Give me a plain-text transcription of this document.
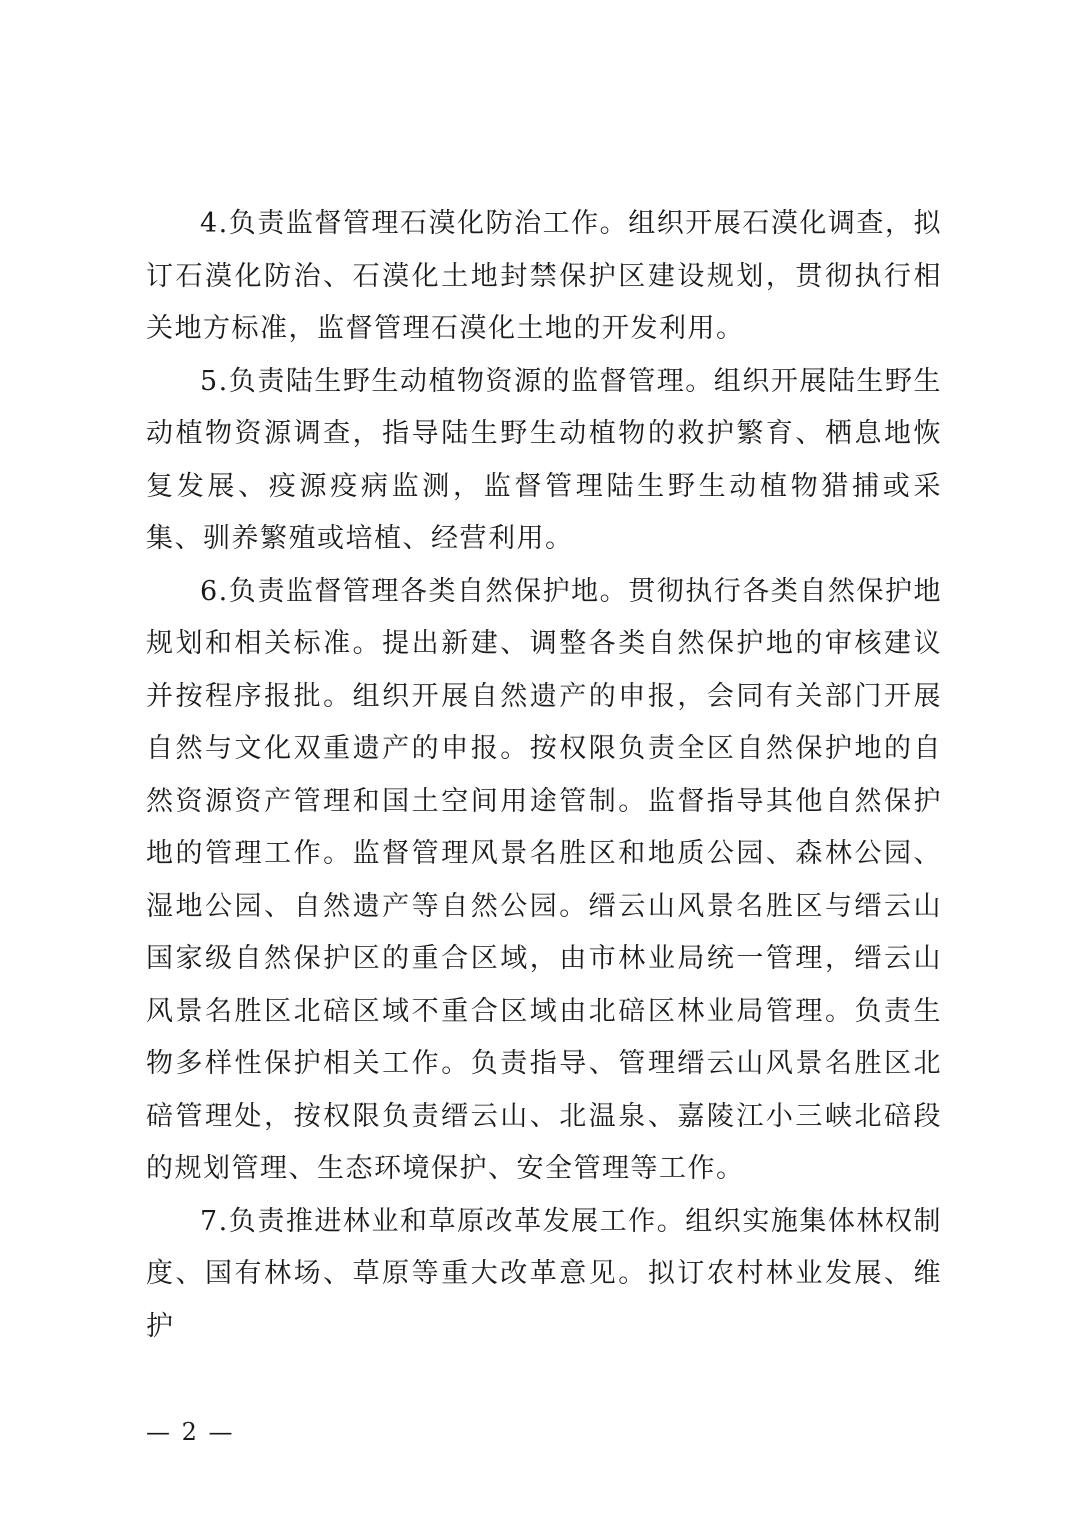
4.负责监督管理石漠化防治工作。组织开展石漠化调查，拟订石漠化防治、石漠化土地封禁保护区建设规划，贯彻执行相关地方标准，监督管理石漠化土地的开发利用。

5.负责陆生野生动植物资源的监督管理。组织开展陆生野生动植物资源调查，指导陆生野生动植物的救护繁育、栖息地恢复发展、疫源疫病监测，监督管理陆生野生动植物猎捕或采集、驯养繁殖或培植、经营利用。

6.负责监督管理各类自然保护地。贯彻执行各类自然保护地规划和相关标准。提出新建、调整各类自然保护地的审核建议并按程序报批。组织开展自然遗产的申报，会同有关部门开展自然与文化双重遗产的申报。按权限负责全区自然保护地的自然资源资产管理和国土空间用途管制。监督指导其他自然保护地的管理工作。监督管理风景名胜区和地质公园、森林公园、湿地公园、自然遗产等自然公园。缙云山风景名胜区与缙云山国家级自然保护区的重合区域，由市林业局统一管理，缙云山风景名胜区北碚区域不重合区域由北碚区林业局管理。负责生物多样性保护相关工作。负责指导、管理缙云山风景名胜区北碚管理处，按权限负责缙云山、北温泉、嘉陵江小三峡北碚段的规划管理、生态环境保护、安全管理等工作。

7.负责推进林业和草原改革发展工作。组织实施集体林权制度、国有林场、草原等重大改革意见。拟订农村林业发展、维护

— 2 —
